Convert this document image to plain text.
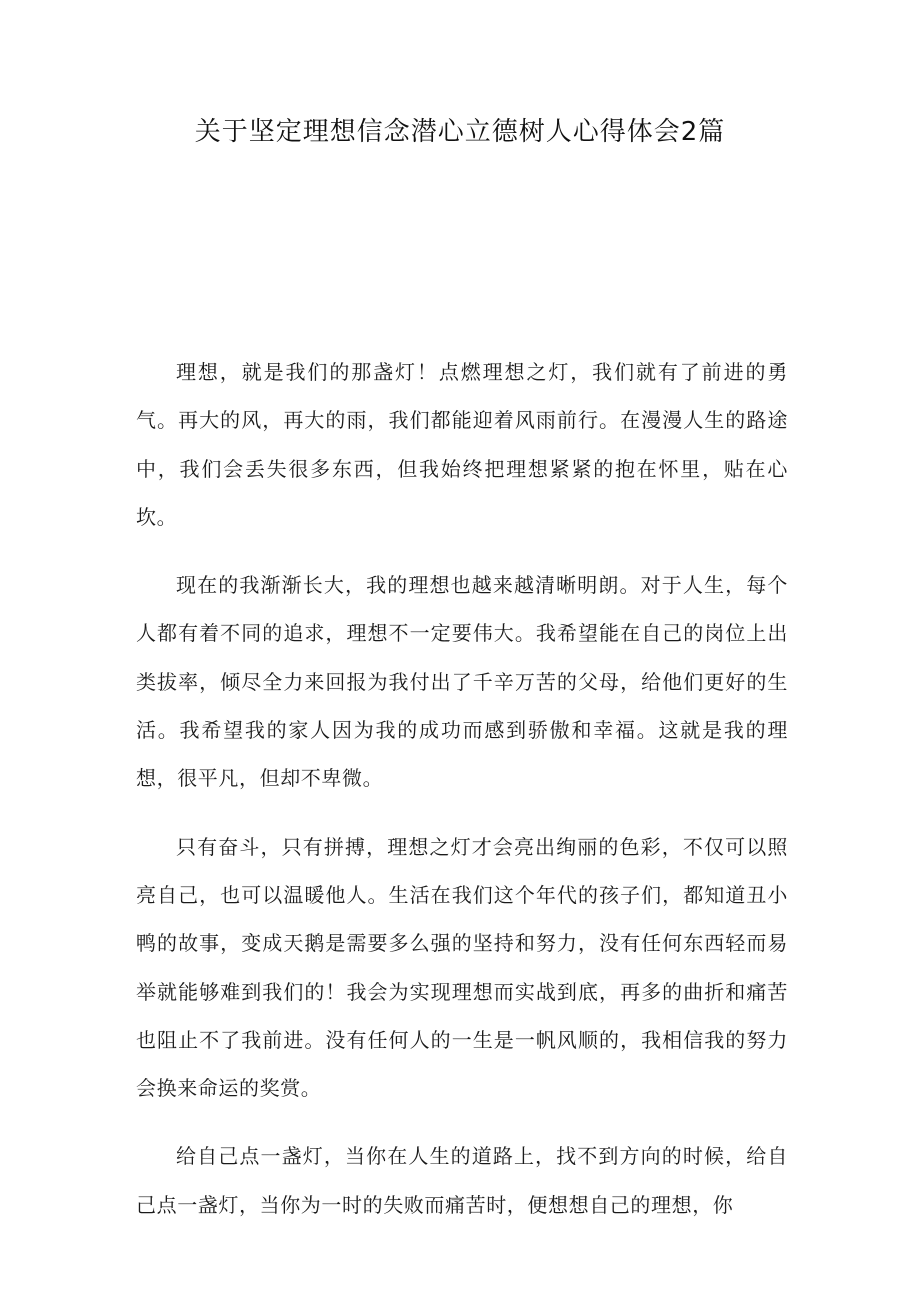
关于坚定理想信念潜心立德树人心得体会2篇

理想，就是我们的那盏灯！点燃理想之灯，我们就有了前进的勇气。再大的风，再大的雨，我们都能迎着风雨前行。在漫漫人生的路途中，我们会丢失很多东西，但我始终把理想紧紧的抱在怀里，贴在心坎。

现在的我渐渐长大，我的理想也越来越清晰明朗。对于人生，每个人都有着不同的追求，理想不一定要伟大。我希望能在自己的岗位上出类拔率，倾尽全力来回报为我付出了千辛万苦的父母，给他们更好的生活。我希望我的家人因为我的成功而感到骄傲和幸福。这就是我的理想，很平凡，但却不卑微。

只有奋斗，只有拼搏，理想之灯才会亮出绚丽的色彩，不仅可以照亮自己，也可以温暖他人。生活在我们这个年代的孩子们，都知道丑小鸭的故事，变成天鹅是需要多么强的坚持和努力，没有任何东西轻而易举就能够难到我们的！我会为实现理想而实战到底，再多的曲折和痛苦也阻止不了我前进。没有任何人的一生是一帆风顺的，我相信我的努力会换来命运的奖赏。

给自己点一盏灯，当你在人生的道路上，找不到方向的时候，给自己点一盏灯，当你为一时的失败而痛苦时，便想想自己的理想，你
